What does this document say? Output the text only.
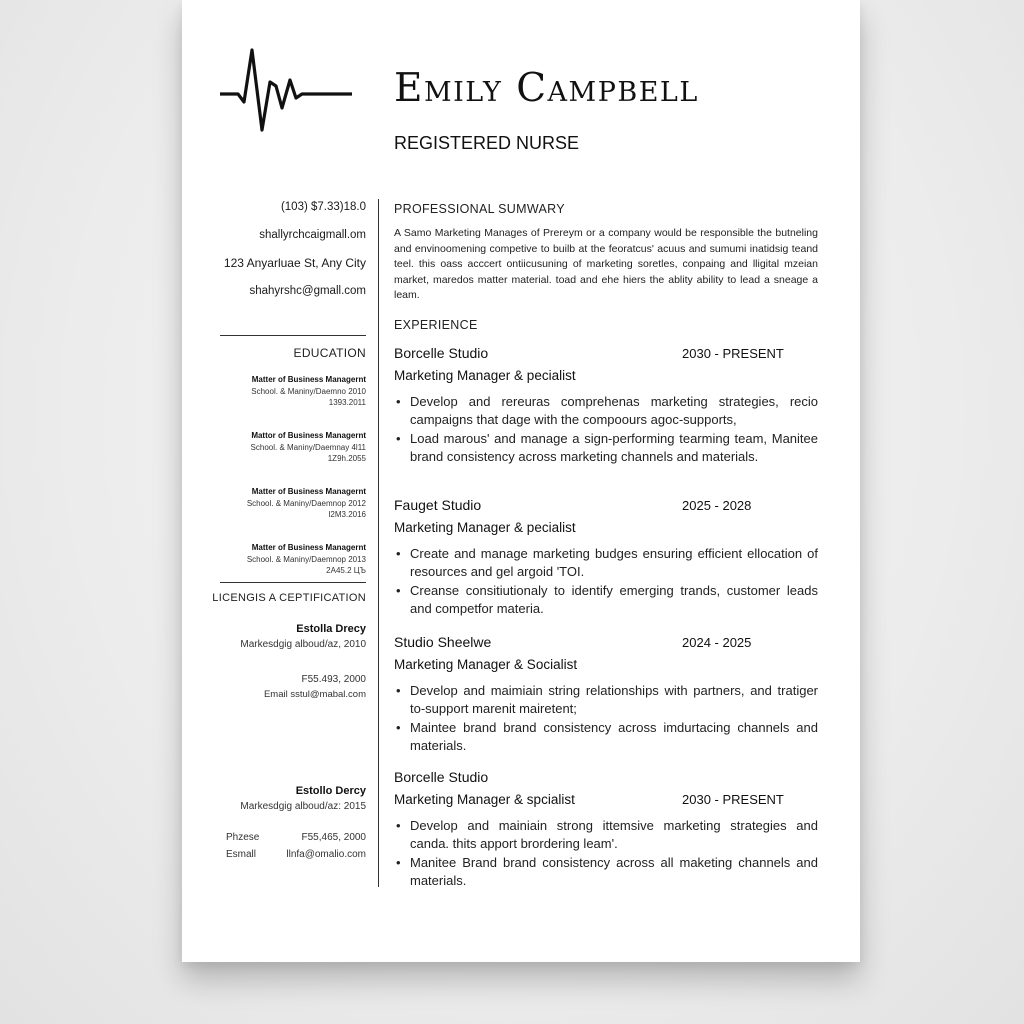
Emily Campbell
REGISTERED NURSE
(103) $7.33)18.0
shallyrchcaigmall.om
123 Anyarluae St, Any City
shahyrshc@gmall.com
EDUCATION
Matter of Business Managernt
School. & Maniny/Daemno 2010
1393.2011
Mattor of Business Managernt
School. & Maniny/Daemnay 4l11
1Z9h.2055
Matter of Business Managernt
School. & Maniny/Daemnop 2012
I2M3.2016
Matter of Business Managernt
School. & Maniny/Daemnop 2013
2A45.2 ЦЪ
LICENGIS A CEPTIFICATION
Estolla Drecy
Markesdgig alboud/az, 2010
F55.493, 2000
Email sstul@mabal.com
Estollo Dercy
Markesdgig alboud/az: 2015
Phzese	F55,465, 2000
Esmall	llnfa@omalio.com
PROFESSIONAL SUMWARY
A Samo Marketing Manages of Prereym or a company would be responsible the butneling and envinoomening competive to builb at the feoratcus' acuus and sumumi inatidsig teand teel. this oass acccert ontiicusuning of marketing soretles, conpaing and lligital mzeian market, maredos matter material. toad and ehe hiers the ablity ability to lead a sneage a leam.
EXPERIENCE
Borcelle Studio	2030 - PRESENT
Marketing Manager & pecialist
• Develop and rereuras comprehenas marketing strategies, recio campaigns that dage with the compoours agoc-supports,
• Load marous' and manage a sign-performing tearming team, Manitee brand consistency across marketing channels and materials.
Fauget Studio	2025 - 2028
Marketing Manager & pecialist
• Create and manage marketing budges ensuring efficient ellocation of resources and gel argoid 'TOI.
• Creanse consitiutionaly to identify emerging trands, customer leads and competfor materia.
Studio Sheelwe	2024 - 2025
Marketing Manager & Socialist
• Develop and maimiain string relationships with partners, and tratiger to-support marenit mairetent;
• Maintee brand brand consistency across imdurtacing channels and materials.
Borcelle Studio
Marketing Manager & spcialist	2030 - PRESENT
• Develop and mainiain strong ittemsive marketing strategies and canda. thits apport brordering leam'.
• Manitee Brand brand consistency across all maketing channels and materials.
